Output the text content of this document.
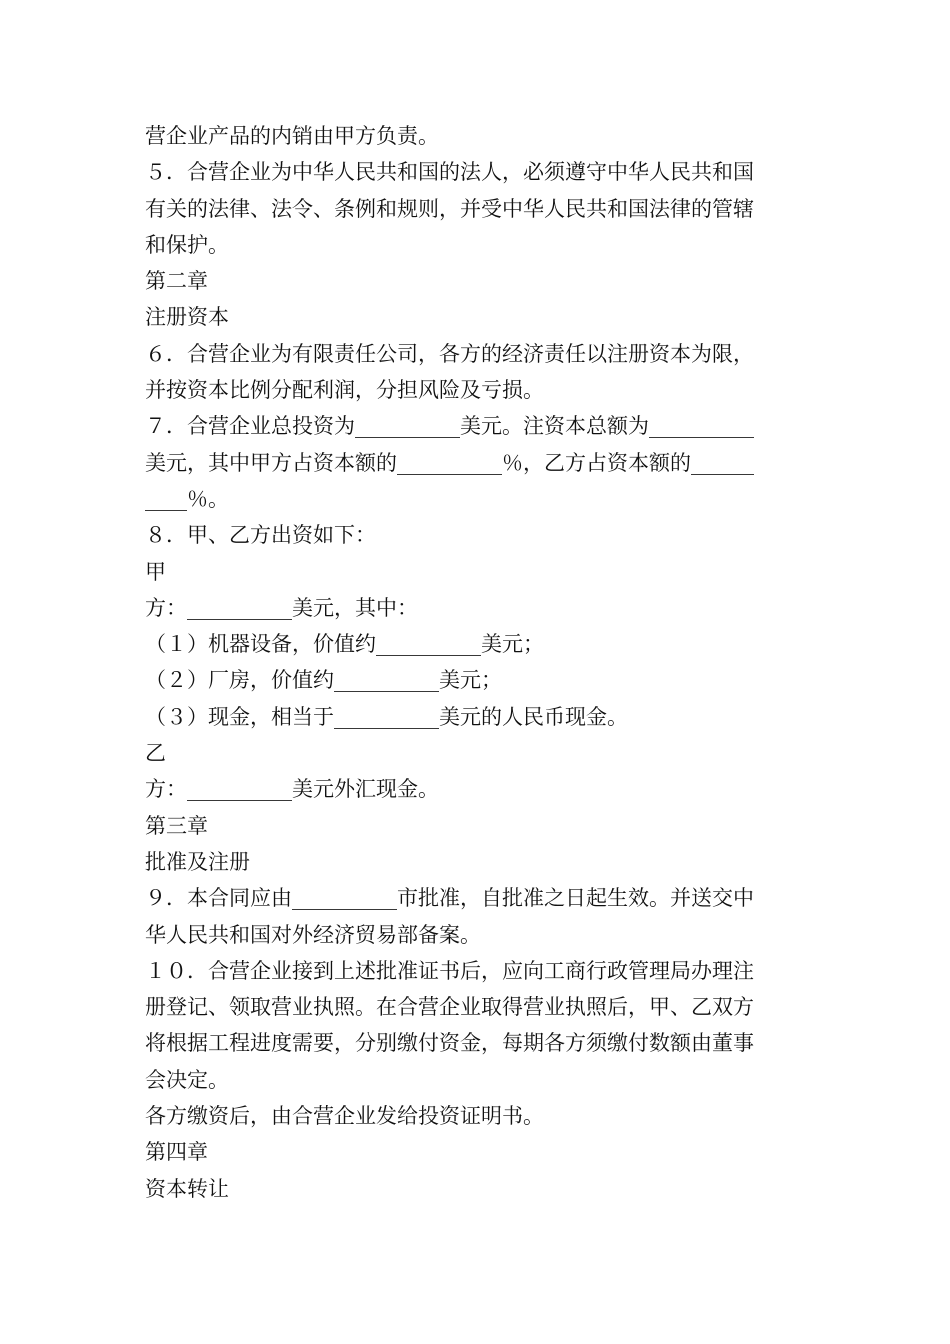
营企业产品的内销由甲方负责。
５．合营企业为中华人民共和国的法人，必须遵守中华人民共和国
有关的法律、法令、条例和规则，并受中华人民共和国法律的管辖
和保护。
第二章
注册资本
６．合营企业为有限责任公司，各方的经济责任以注册资本为限，
并按资本比例分配利润，分担风险及亏损。
７．合营企业总投资为__________美元。注资本总额为__________
美元，其中甲方占资本额的__________％，乙方占资本额的______
____％。
８．甲、乙方出资如下：
甲
方：__________美元，其中：
（１）机器设备，价值约__________美元；
（２）厂房，价值约__________美元；
（３）现金，相当于__________美元的人民币现金。
乙
方：__________美元外汇现金。
第三章
批准及注册
９．本合同应由__________市批准，自批准之日起生效。并送交中
华人民共和国对外经济贸易部备案。
１０．合营企业接到上述批准证书后，应向工商行政管理局办理注
册登记、领取营业执照。在合营企业取得营业执照后，甲、乙双方
将根据工程进度需要，分别缴付资金，每期各方须缴付数额由董事
会决定。
各方缴资后，由合营企业发给投资证明书。
第四章
资本转让
